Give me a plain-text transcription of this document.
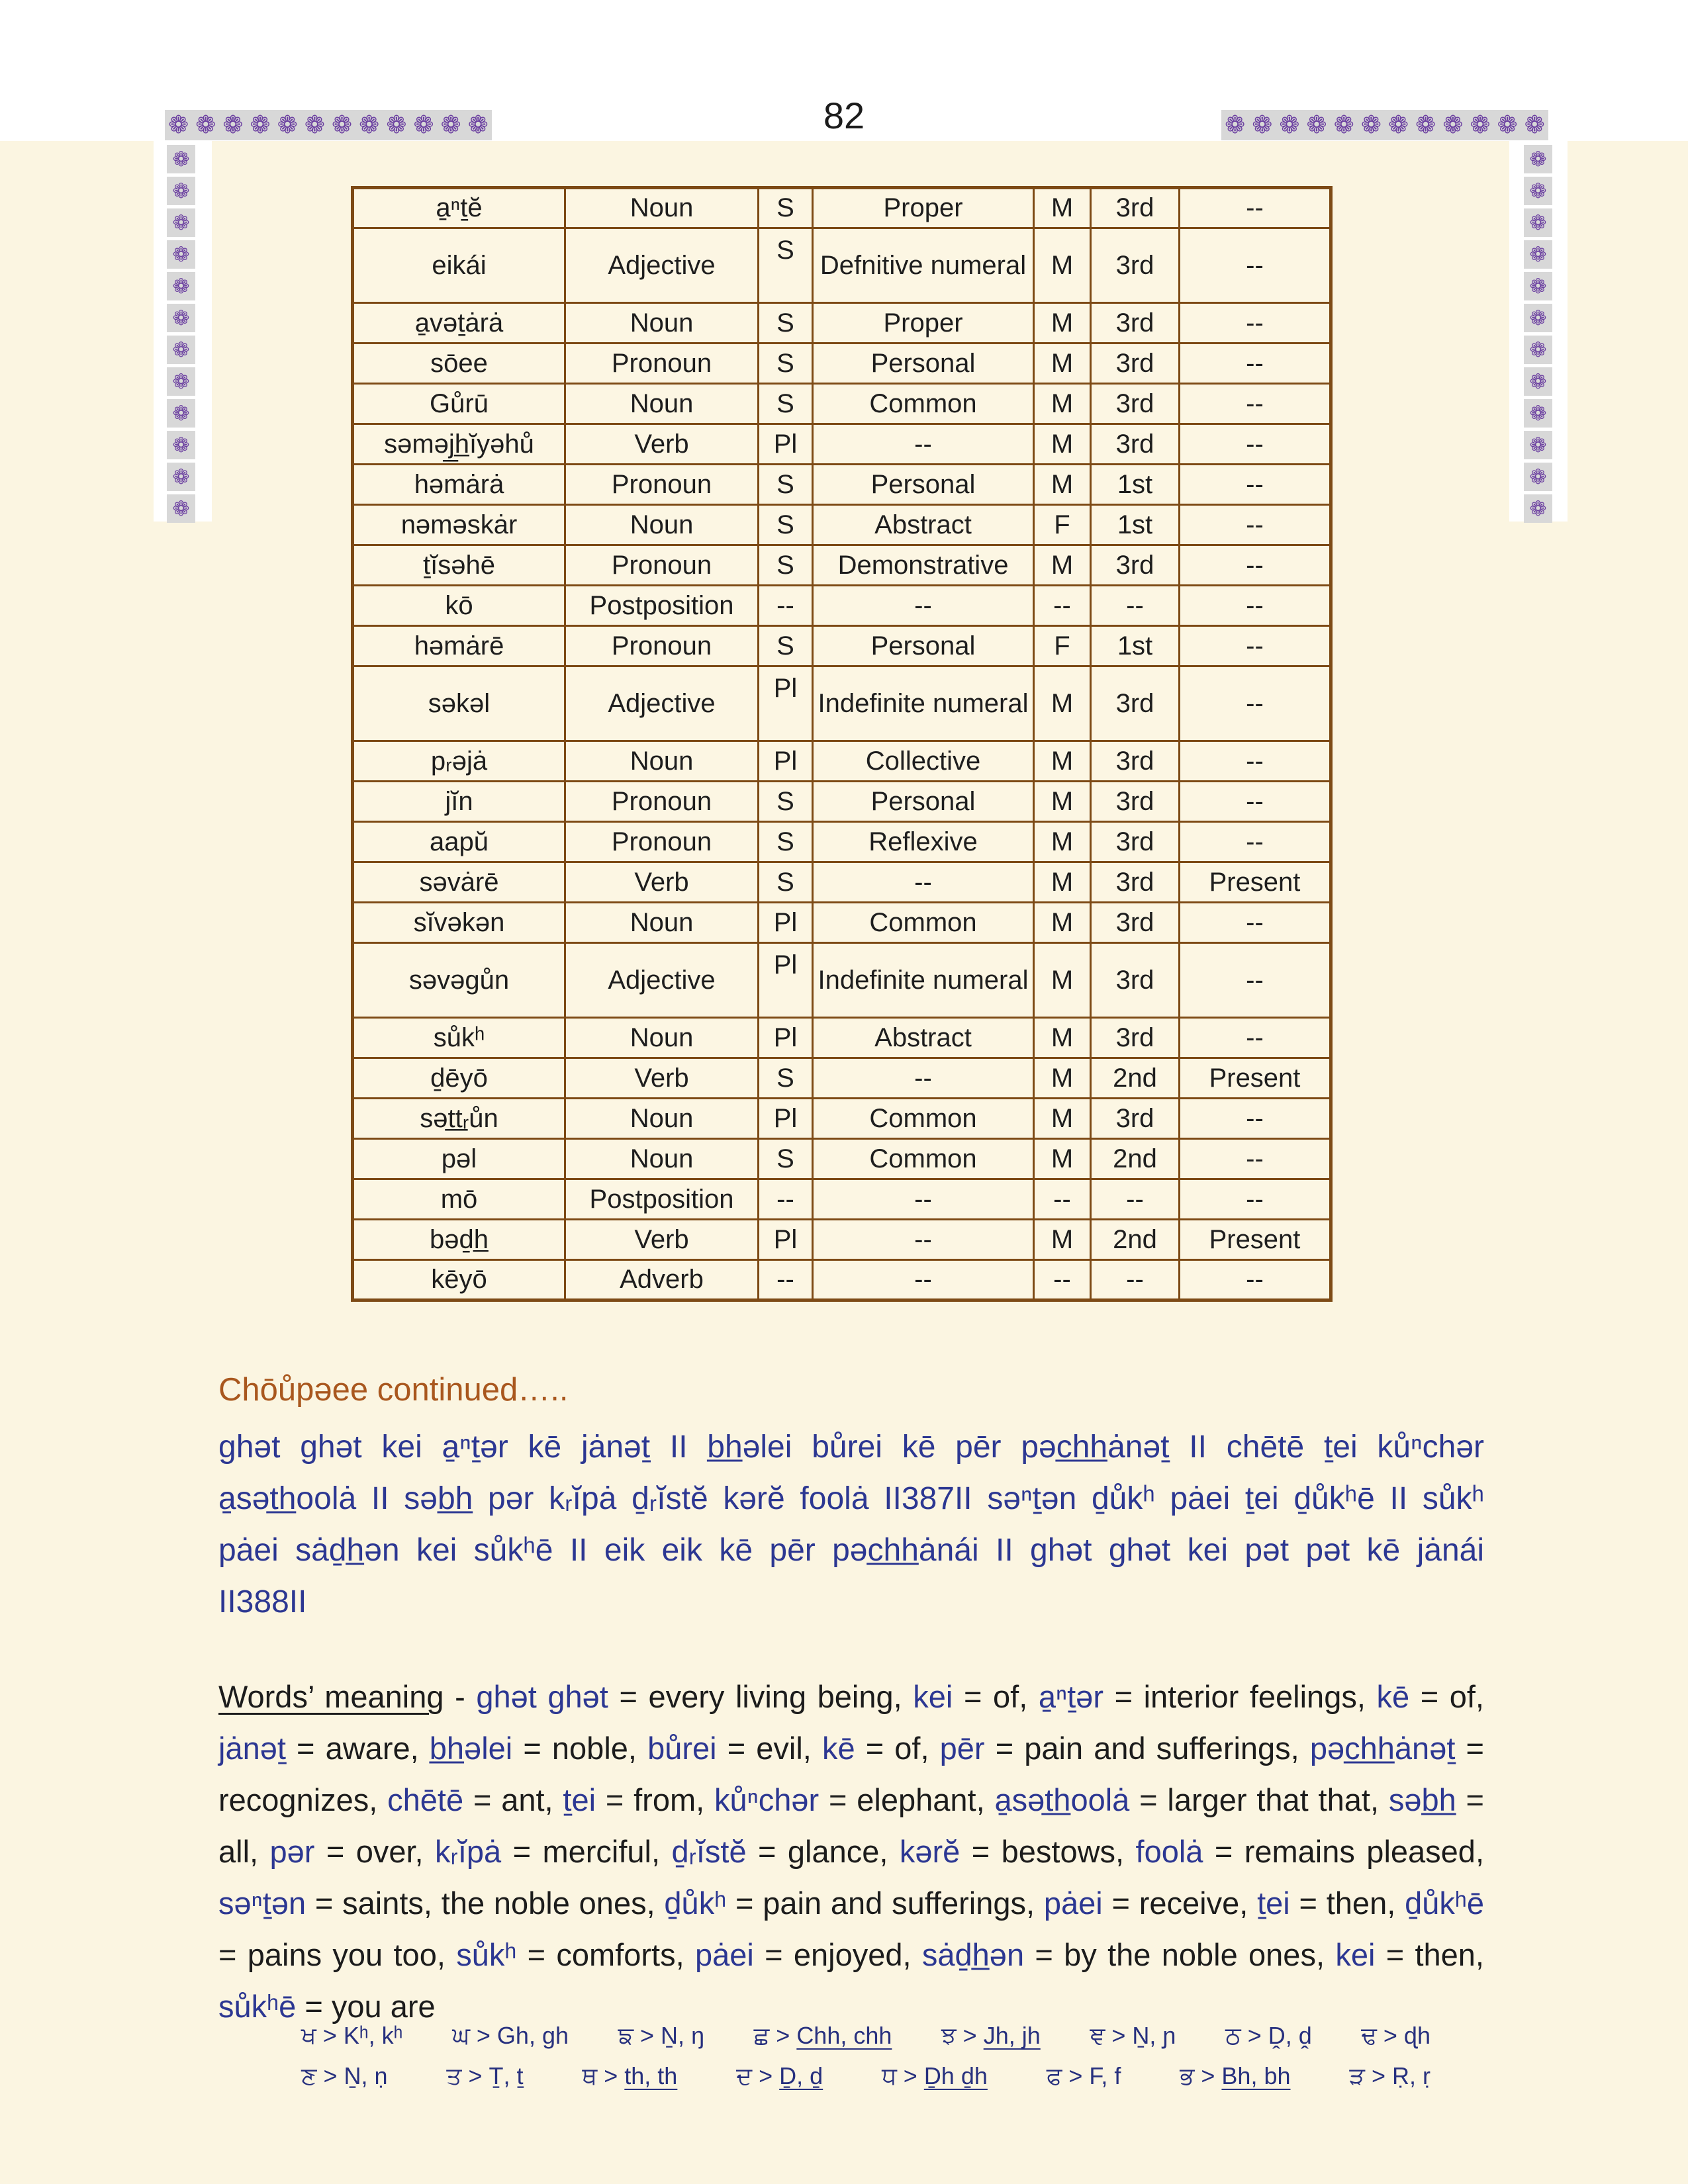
❁ ❁ ❁ ❁ ❁ ❁ ❁ ❁ ❁ ❁ ❁ ❁	❁ ❁ ❁ ❁ ❁ ❁ ❁ ❁ ❁ ❁ ❁ ❁
82
❁
❁
❁
❁
❁
❁
❁
❁
❁
❁
❁
❁
❁
❁
❁
❁
❁
❁
❁
❁
❁
❁
❁
❁
a̱ⁿṯĕ	Noun	S	Proper	M	3rd	--
eikái	Adjective	S	Defnitive numeral	M	3rd	--
a̱vəṯȧrȧ	Noun	S	Proper	M	3rd	--
sōee	Pronoun	S	Personal	M	3rd	--
Gůrū	Noun	S	Common	M	3rd	--
səməj̲h̲ĭyəhů	Verb	Pl	--	M	3rd	--
həmȧrȧ	Pronoun	S	Personal	M	1st	--
nəməskȧr	Noun	S	Abstract	F	1st	--
ṯĭsəhē	Pronoun	S	Demonstrative	M	3rd	--
kō	Postposition	--	--	--	--	--
həmȧrē	Pronoun	S	Personal	F	1st	--
səkəl	Adjective	Pl	Indefinite numeral	M	3rd	--
pᵣəjȧ	Noun	Pl	Collective	M	3rd	--
jĭn	Pronoun	S	Personal	M	3rd	--
aapŭ	Pronoun	S	Reflexive	M	3rd	--
səvȧrē	Verb	S	--	M	3rd	Present
sĭvəkən	Noun	Pl	Common	M	3rd	--
səvəgůn	Adjective	Pl	Indefinite numeral	M	3rd	--
sůkʰ	Noun	Pl	Abstract	M	3rd	--
ḏēyō	Verb	S	--	M	2nd	Present
sət̲t̲ᵣůn	Noun	Pl	Common	M	3rd	--
pəl	Noun	S	Common	M	2nd	--
mō	Postposition	--	--	--	--	--
bəḏh̲	Verb	Pl	--	M	2nd	Present
kēyō	Adverb	--	--	--	--	--
Chōůpəee continued…..
ghət ghət kei a̱ⁿṯər kē jȧnəṯ II b̲h̲əlei bůrei kē pēr pəc̲h̲h̲ȧnəṯ II chētē ṯei kůⁿchər
a̱sət̲h̲oolȧ II səb̲h̲ pər kᵣĭpȧ ḏᵣĭstĕ kərĕ foolȧ II387II səⁿṯən ḏůkʰ pȧei ṯei ḏůkʰē II sůkʰ
pȧei sȧḏh̲ən kei sůkʰē II eik eik kē pēr pəc̲h̲h̲ȧnái II ghət ghət kei pət pət kē jȧnái
II388II

Words’ meaning - ghət ghət = every living being, kei = of, a̱ⁿṯər = interior feelings, kē = of, jȧnəṯ = aware, b̲h̲əlei = noble, bůrei = evil, kē = of, pēr = pain and sufferings, pəc̲h̲h̲ȧnəṯ = recognizes, chētē = ant, ṯei = from, kůⁿchər = elephant, a̱sət̲h̲oolȧ = larger that that, səb̲h̲ = all, pər = over, kᵣĭpȧ = merciful, ḏᵣĭstĕ = glance, kərĕ = bestows, foolȧ = remains pleased, səⁿṯən = saints, the noble ones, ḏůkʰ = pain and sufferings, pȧei = receive, ṯei = then, ḏůkʰē = pains you too, sůkʰ = comforts, pȧei = enjoyed, sȧḏh̲ən = by the noble ones, kei = then, sůkʰē = you are

ਖ > Kʰ, kʰ ਘ > Gh, gh ਙ > Ṉ, ŋ ਛ > Chh, chh ਝ > Jh, jh ਞ > Ṉ, ɲ ਠ > Ḓ, ḓ ਢ > ɖh
ਣ > Ṉ, ṇ ਤ > Ṯ, ṯ ਥ > th, th ਦ > Ḏ, ḏ ਧ > Ḏh ḏh ਫ > F, f ਭ > Bh, bh ੜ > Ṛ, ṛ
